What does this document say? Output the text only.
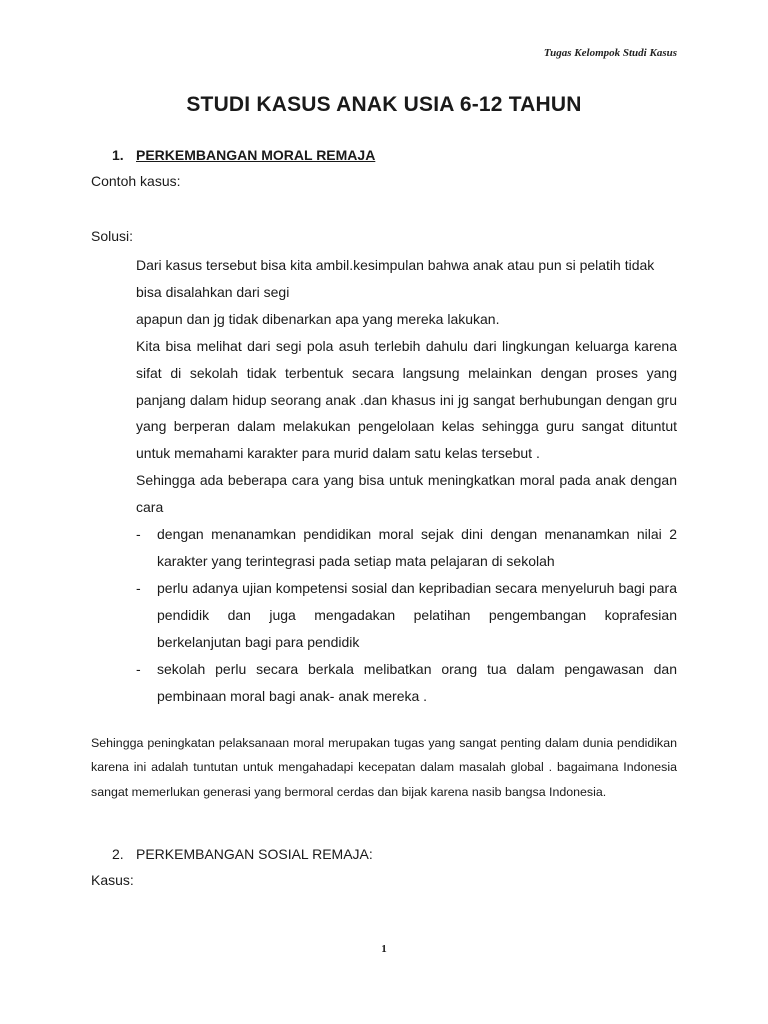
Tugas Kelompok Studi Kasus
STUDI KASUS ANAK USIA 6-12 TAHUN
1. PERKEMBANGAN MORAL REMAJA
Contoh kasus:
Solusi:

Dari kasus tersebut bisa kita ambil.kesimpulan bahwa anak atau pun si pelatih tidak bisa disalahkan dari segi

apapun dan jg tidak dibenarkan apa yang mereka lakukan.

Kita bisa melihat dari segi pola asuh terlebih dahulu dari lingkungan keluarga karena sifat di sekolah tidak terbentuk secara langsung melainkan dengan proses yang panjang dalam hidup seorang anak .dan khasus ini jg sangat berhubungan dengan gru yang berperan dalam melakukan pengelolaan kelas sehingga guru sangat dituntut untuk memahami karakter para murid dalam satu kelas tersebut .

Sehingga ada beberapa cara yang bisa untuk meningkatkan moral pada anak dengan cara

- dengan menanamkan pendidikan moral sejak dini dengan menanamkan nilai 2 karakter yang terintegrasi pada setiap mata pelajaran di sekolah
- perlu adanya ujian kompetensi sosial dan kepribadian secara menyeluruh bagi para pendidik dan juga mengadakan pelatihan pengembangan koprafesian berkelanjutan bagi para pendidik
- sekolah perlu secara berkala melibatkan orang tua dalam pengawasan dan pembinaan moral bagi anak- anak mereka .
Sehingga peningkatan pelaksanaan moral merupakan tugas yang sangat penting dalam dunia pendidikan karena ini adalah tuntutan untuk mengahadapi kecepatan dalam masalah global . bagaimana Indonesia sangat memerlukan generasi yang bermoral cerdas dan bijak karena nasib bangsa Indonesia.
2. PERKEMBANGAN SOSIAL REMAJA:
Kasus:
1
